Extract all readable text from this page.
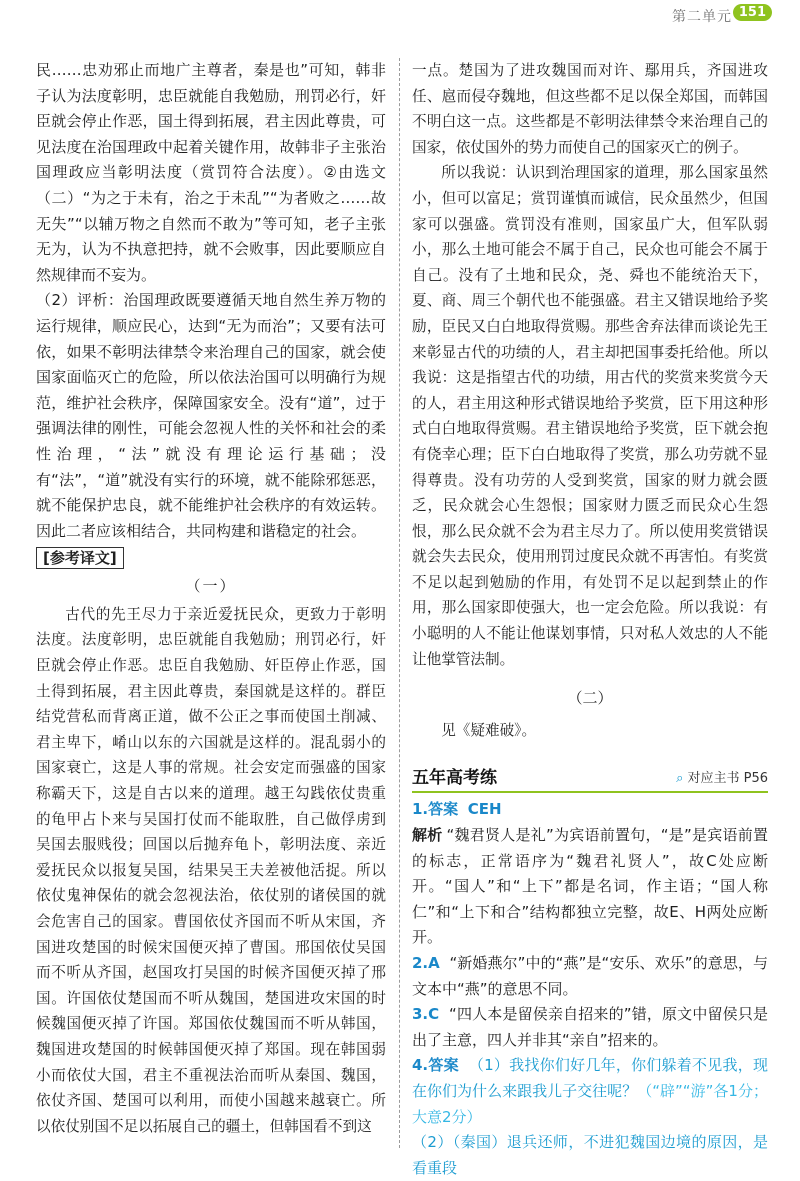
第二单元 151

民……忠劝邪止而地广主尊者，秦是也”可知，韩非子认为法度彰明，忠臣就能自我勉励，刑罚必行，奸臣就会停止作恶，国土得到拓展，君主因此尊贵，可见法度在治国理政中起着关键作用，故韩非子主张治国理政应当彰明法度（赏罚符合法度）。②由选文（二）“为之于未有，治之于未乱”“为者败之……故无失”“以辅万物之自然而不敢为”等可知，老子主张无为，认为不执意把持，就不会败事，因此要顺应自然规律而不妄为。

（2）评析：治国理政既要遵循天地自然生养万物的运行规律，顺应民心，达到“无为而治”；又要有法可依，如果不彰明法律禁令来治理自己的国家，就会使国家面临灭亡的危险，所以依法治国可以明确行为规范，维护社会秩序，保障国家安全。没有“道”，过于强调法律的刚性，可能会忽视人性的关怀和社会的柔性治理，“法”就没有理论运行基础；没有“法”，“道”就没有实行的环境，就不能除邪惩恶，就不能保护忠良，就不能维护社会秩序的有效运转。因此二者应该相结合，共同构建和谐稳定的社会。

[参考译文]
（一）

古代的先王尽力于亲近爱抚民众，更致力于彰明法度。法度彰明，忠臣就能自我勉励；刑罚必行，奸臣就会停止作恶。忠臣自我勉励、奸臣停止作恶，国土得到拓展，君主因此尊贵，秦国就是这样的。群臣结党营私而背离正道，做不公正之事而使国土削减、君主卑下，崤山以东的六国就是这样的。混乱弱小的国家衰亡，这是人事的常规。社会安定而强盛的国家称霸天下，这是自古以来的道理。越王勾践依仗贵重的龟甲占卜来与吴国打仗而不能取胜，自己做俘虏到吴国去服贱役；回国以后抛弃龟卜，彰明法度、亲近爱抚民众以报复吴国，结果吴王夫差被他活捉。所以依仗鬼神保佑的就会忽视法治，依仗别的诸侯国的就会危害自己的国家。曹国依仗齐国而不听从宋国，齐国进攻楚国的时候宋国便灭掉了曹国。邢国依仗吴国而不听从齐国，赵国攻打吴国的时候齐国便灭掉了邢国。许国依仗楚国而不听从魏国，楚国进攻宋国的时候魏国便灭掉了许国。郑国依仗魏国而不听从韩国，魏国进攻楚国的时候韩国便灭掉了郑国。现在韩国弱小而依仗大国，君主不重视法治而听从秦国、魏国，依仗齐国、楚国可以利用，而使小国越来越衰亡。所以依仗别国不足以拓展自己的疆土，但韩国看不到这

一点。楚国为了进攻魏国而对许、鄢用兵，齐国进攻任、扈而侵夺魏地，但这些都不足以保全郑国，而韩国不明白这一点。这些都是不彰明法律禁令来治理自己的国家，依仗国外的势力而使自己的国家灭亡的例子。

所以我说：认识到治理国家的道理，那么国家虽然小，但可以富足；赏罚谨慎而诚信，民众虽然少，但国家可以强盛。赏罚没有准则，国家虽广大，但军队弱小，那么土地可能会不属于自己，民众也可能会不属于自己。没有了土地和民众，尧、舜也不能统治天下，夏、商、周三个朝代也不能强盛。君主又错误地给予奖励，臣民又白白地取得赏赐。那些舍弃法律而谈论先王来彰显古代的功绩的人，君主却把国事委托给他。所以我说：这是指望古代的功绩，用古代的奖赏来奖赏今天的人，君主用这种形式错误地给予奖赏，臣下用这种形式白白地取得赏赐。君主错误地给予奖赏，臣下就会抱有侥幸心理；臣下白白地取得了奖赏，那么功劳就不显得尊贵。没有功劳的人受到奖赏，国家的财力就会匮乏，民众就会心生怨恨；国家财力匮乏而民众心生怨恨，那么民众就不会为君主尽力了。所以使用奖赏错误就会失去民众，使用刑罚过度民众就不再害怕。有奖赏不足以起到勉励的作用，有处罚不足以起到禁止的作用，那么国家即使强大，也一定会危险。所以我说：有小聪明的人不能让他谋划事情，只对私人效忠的人不能让他掌管法制。

（二）

见《疑难破》。

五年高考练	⌕ 对应主书 P56

1.答案 CEH

解析 “魏君贤人是礼”为宾语前置句，“是”是宾语前置的标志，正常语序为“魏君礼贤人”，故C处应断开。“国人”和“上下”都是名词，作主语；“国人称仁”和“上下和合”结构都独立完整，故E、H两处应断开。

2.A “新婚燕尔”中的“燕”是“安乐、欢乐”的意思，与文本中“燕”的意思不同。

3.C “四人本是留侯亲自招来的”错，原文中留侯只是出了主意，四人并非其“亲自”招来的。

4.答案 （1）我找你们好几年，你们躲着不见我，现在你们为什么来跟我儿子交往呢？（“辟”“游”各1分；大意2分）

（2）（秦国）退兵还师，不进犯魏国边境的原因，是看重段
